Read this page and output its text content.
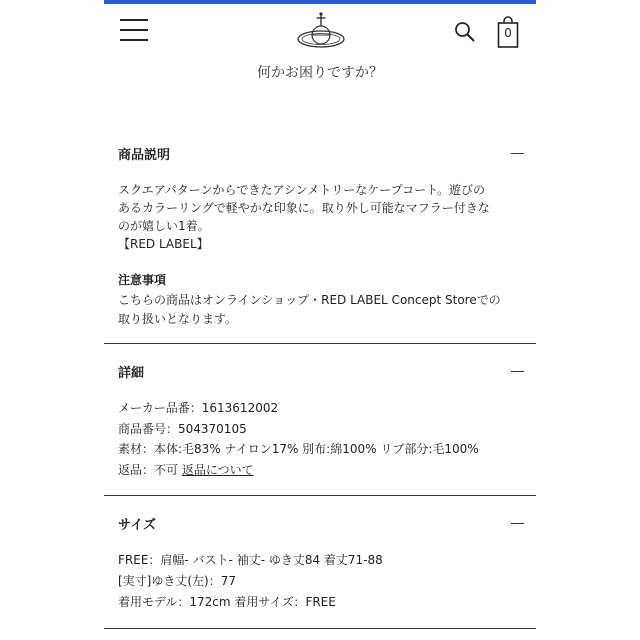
0
何かお困りですか？
商品説明
スクエアパターンからできたアシンメトリーなケープコート。遊びの
あるカラーリングで軽やかな印象に。取り外し可能なマフラー付きな
のが嬉しい1着。
【RED LABEL】
注意事項
こちらの商品はオンラインショップ・RED LABEL Concept Storeでの
取り扱いとなります。
詳細
メーカー品番：1613612002
商品番号：504370105
素材：本体:毛83% ナイロン17% 別布:綿100% リブ部分:毛100%
返品：不可 返品について
サイズ
FREE：肩幅- バスト- 袖丈- ゆき丈84 着丈71-88
[実寸]ゆき丈(左)：77
着用モデル：172cm 着用サイズ：FREE
